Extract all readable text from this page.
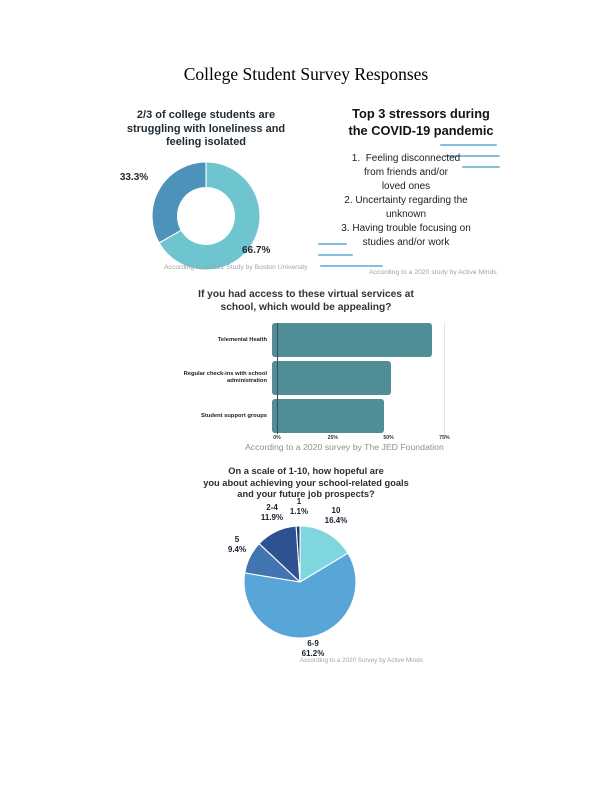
College Student Survey Responses
2/3 of college students are
struggling with loneliness and
feeling isolated
33.3%
66.7%
According to a 2021 Study by Boston University
Top 3 stressors during
the COVID-19 pandemic
1.  Feeling disconnected
from friends and/or
loved ones
2. Uncertainty regarding the
unknown
3. Having trouble focusing on
studies and/or work
According to a 2020 study by Active Minds
If you had access to these virtual services at
school, which would be appealing?
Telemental Health
Regular check-ins with school administration
Student support groups
0%	25%	50%	75%
According to a 2020 survey by The JED Foundation
On a scale of 1-10, how hopeful are
you about achieving your school-related goals
and your future job prospects?
1
1.1%
2-4
11.9%
10
16.4%
5
9.4%
6-9
61.2%
According to a 2020 Survey by Active Minds
